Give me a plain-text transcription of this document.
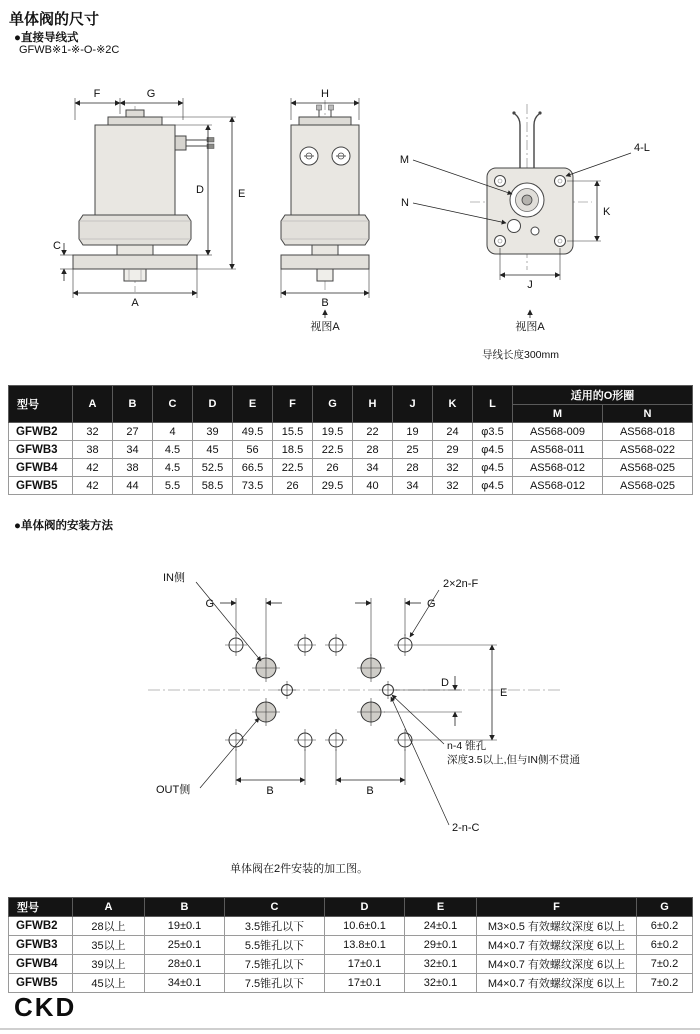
单体阀的尺寸
●直接导线式
GFWB※1-※-O-※2C
F	G
D	E
C
A
H
B
视图A
M
N
4-L
K
J
视图A
导线长度300mm
型号	A	B	C	D	E	F	G	H	J	K	L	适用的O形圈	
												M	N
GFWB2	32	27	4	39	49.5	15.5	19.5	22	19	24	φ3.5	AS568-009	AS568-018
GFWB3	38	34	4.5	45	56	18.5	22.5	28	25	29	φ4.5	AS568-011	AS568-022
GFWB4	42	38	4.5	52.5	66.5	22.5	26	34	28	32	φ4.5	AS568-012	AS568-025
GFWB5	42	44	5.5	58.5	73.5	26	29.5	40	34	32	φ4.5	AS568-012	AS568-025
●单体阀的安装方法
IN侧
G	G
2×2n-F
E
D
n-4 锥孔
深度3.5以上,但与IN侧不贯通
OUT侧	B	B
2-n-C
单体阀在2件安装的加工图。
型号	A	B	C	D	E	F	G
GFWB2	28以上	19±0.1	3.5锥孔以下	10.6±0.1	24±0.1	M3×0.5 有效螺纹深度 6以上	6±0.2
GFWB3	35以上	25±0.1	5.5锥孔以下	13.8±0.1	29±0.1	M4×0.7 有效螺纹深度 6以上	6±0.2
GFWB4	39以上	28±0.1	7.5锥孔以下	17±0.1	32±0.1	M4×0.7 有效螺纹深度 6以上	7±0.2
GFWB5	45以上	34±0.1	7.5锥孔以下	17±0.1	32±0.1	M4×0.7 有效螺纹深度 6以上	7±0.2
CKD
